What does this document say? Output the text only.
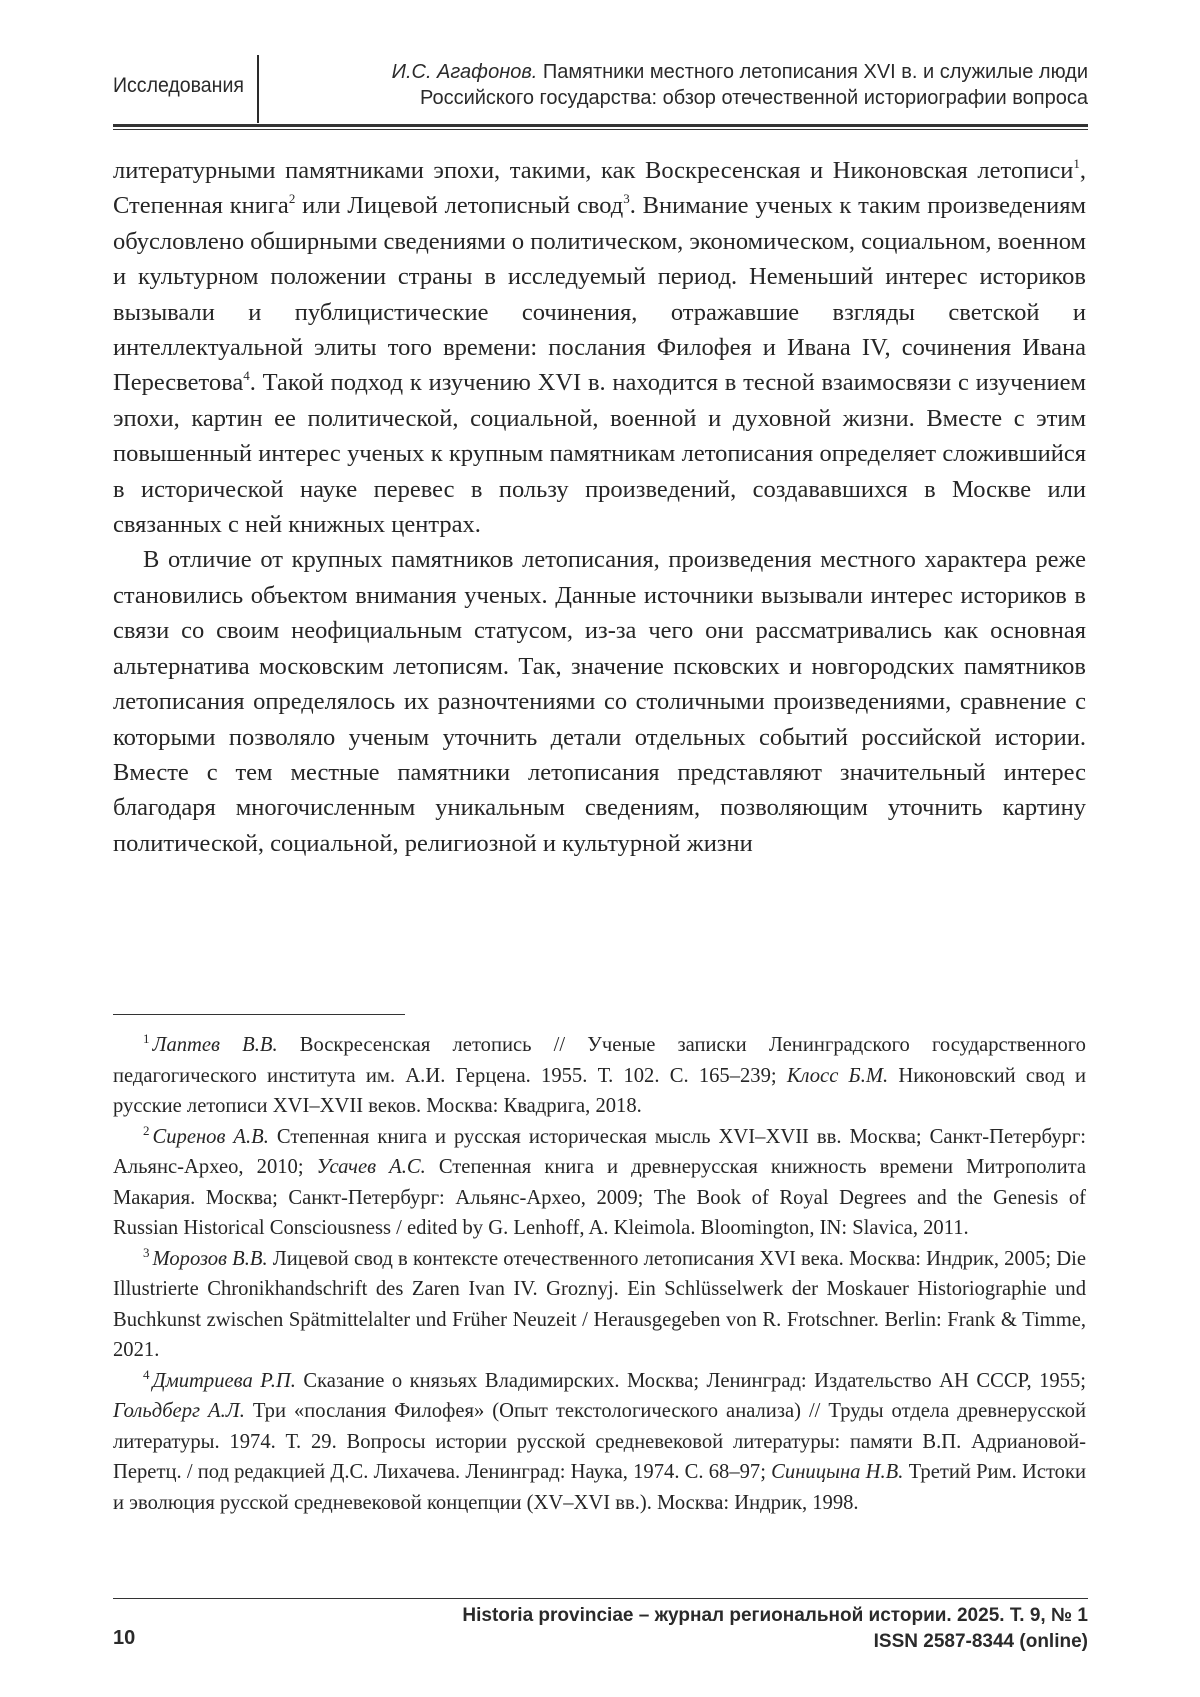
Исследования
И.С. Агафонов. Памятники местного летописания XVI в. и служилые люди
Российского государства: обзор отечественной историографии вопроса

литературными памятниками эпохи, такими, как Воскресенская и Никоновская летописи$^1$, Степенная книга$^2$ или Лицевой летописный свод$^3$. Внимание ученых к таким произведениям обусловлено обширными сведениями о политическом, экономическом, социальном, военном и культурном положении страны в исследуемый период. Неменьший интерес историков вызывали и публицистические сочинения, отражавшие взгляды светской и интеллектуальной элиты того времени: послания Филофея и Ивана IV, сочинения Ивана Пересветова$^4$. Такой подход к изучению XVI в. находится в тесной взаимосвязи с изучением эпохи, картин ее политической, социальной, военной и духовной жизни. Вместе с этим повышенный интерес ученых к крупным памятникам летописания определяет сложившийся в исторической науке перевес в пользу произведений, создававшихся в Москве или связанных с ней книжных центрах.

В отличие от крупных памятников летописания, произведения местного характера реже становились объектом внимания ученых. Данные источники вызывали интерес историков в связи со своим неофициальным статусом, из-за чего они рассматривались как основная альтернатива московским летописям. Так, значение псковских и новгородских памятников летописания определялось их разночтениями со столичными произведениями, сравнение с которыми позволяло ученым уточнить детали отдельных событий российской истории. Вместе с тем местные памятники летописания представляют значительный интерес благодаря многочисленным уникальным сведениям, позволяющим уточнить картину политической, социальной, религиозной и культурной жизни

$^1$ Лаптев В.В. Воскресенская летопись // Ученые записки Ленинградского государственного педагогического института им. А.И. Герцена. 1955. Т. 102. С. 165–239; Клосс Б.М. Никоновский свод и русские летописи XVI–XVII веков. Москва: Квадрига, 2018.

$^2$ Сиренов А.В. Степенная книга и русская историческая мысль XVI–XVII вв. Москва; Санкт-Петербург: Альянс-Архео, 2010; Усачев А.С. Степенная книга и древнерусская книжность времени Митрополита Макария. Москва; Санкт-Петербург: Альянс-Архео, 2009; The Book of Royal Degrees and the Genesis of Russian Historical Consciousness / edited by G. Lenhoff, A. Kleimola. Bloomington, IN: Slavica, 2011.

$^3$ Морозов В.В. Лицевой свод в контексте отечественного летописания XVI века. Москва: Индрик, 2005; Die Illustrierte Chronikhandschrift des Zaren Ivan IV. Groznyj. Ein Schlüsselwerk der Moskauer Historiographie und Buchkunst zwischen Spätmittelalter und Früher Neuzeit / Herausgegeben von R. Frotschner. Berlin: Frank & Timme, 2021.

$^4$ Дмитриева Р.П. Сказание о князьях Владимирских. Москва; Ленинград: Издательство АН СССР, 1955; Гольдберг А.Л. Три «послания Филофея» (Опыт текстологического анализа) // Труды отдела древнерусской литературы. 1974. Т. 29. Вопросы истории русской средневековой литературы: памяти В.П. Адриановой-Перетц. / под редакцией Д.С. Лихачева. Ленинград: Наука, 1974. С. 68–97; Синицына Н.В. Третий Рим. Истоки и эволюция русской средневековой концепции (XV–XVI вв.). Москва: Индрик, 1998.

10
Historia provinciae – журнал региональной истории. 2025. Т. 9, № 1
ISSN 2587-8344 (online)
